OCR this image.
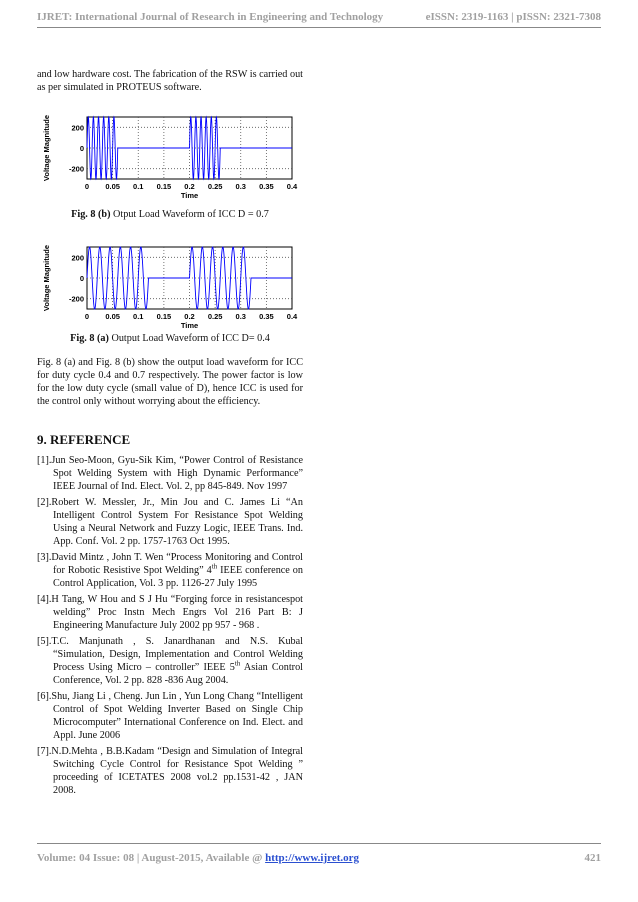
IJRET: International Journal of Research in Engineering and Technology	eISSN: 2319-1163 | pISSN: 2321-7308
and low hardware cost. The fabrication of the RSW is carried out as per simulated in PROTEUS software.
0 0.05 0.1 0.15 0.2 0.25 0.3 0.35 0.4
200
0
-200
Time
Voltage Magnitude
Fig. 8 (b) Otput Load Waveform of ICC D = 0.7
0 0.05 0.1 0.15 0.2 0.25 0.3 0.35 0.4
200
0
-200
Time
Voltage Magnitude
Fig. 8 (a) Output Load Waveform of ICC D= 0.4
Fig. 8 (a) and Fig. 8 (b) show the output load waveform for ICC for duty cycle 0.4 and 0.7 respectively. The power factor is low for the low duty cycle (small value of D), hence ICC is used for the control only without worrying about the efficiency.
9. REFERENCE

[1].Jun Seo-Moon, Gyu-Sik Kim, “Power Control of Resistance Spot Welding System with High Dynamic Performance” IEEE Journal of Ind. Elect. Vol. 2, pp 845-849. Nov 1997

[2].Robert W. Messler, Jr., Min Jou and C. James Li “An Intelligent Control System For Resistance Spot Welding Using a Neural Network and Fuzzy Logic, IEEE Trans. Ind. App. Conf. Vol. 2 pp. 1757-1763 Oct 1995.

[3].David Mintz , John T. Wen “Process Monitoring and Control for Robotic Resistive Spot Welding” 4th IEEE conference on Control Application, Vol. 3 pp. 1126-27 July 1995

[4].H Tang, W Hou and S J Hu “Forging force in resistancespot welding” Proc Instn Mech Engrs Vol 216 Part B: J Engineering Manufacture July 2002 pp 957 - 968 .

[5].T.C. Manjunath , S. Janardhanan and N.S. Kubal “Simulation, Design, Implementation and Control Welding Process Using Micro – controller” IEEE 5th Asian Control Conference, Vol. 2 pp. 828 -836 Aug 2004.

[6].Shu, Jiang Li , Cheng. Jun Lin , Yun Long Chang “Intelligent Control of Spot Welding Inverter Based on Single Chip Microcomputer” International Conference on Ind. Elect. and Appl. June 2006

[7].N.D.Mehta , B.B.Kadam “Design and Simulation of Integral Switching Cycle Control for Resistance Spot Welding ” proceeding of ICETATES 2008 vol.2 pp.1531-42 , JAN 2008.

Volume: 04 Issue: 08 | August-2015, Available @ http://www.ijret.org	421
